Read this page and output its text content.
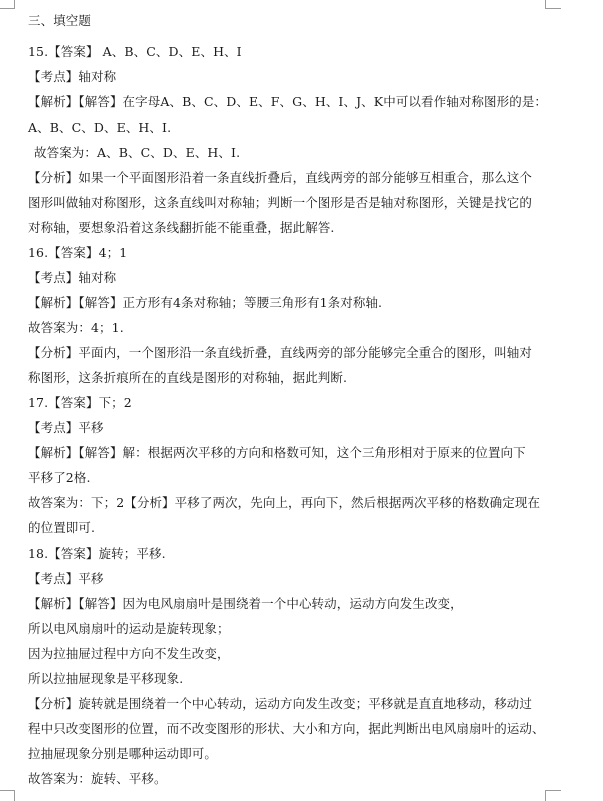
三、填空题
15.【答案】 A、B、C、D、E、H、I
【考点】轴对称
【解析】【解答】在字母A、B、C、D、E、F、G、H、I、J、K中可以看作轴对称图形的是：
A、B、C、D、E、H、I.
故答案为：A、B、C、D、E、H、I.
【分析】如果一个平面图形沿着一条直线折叠后，直线两旁的部分能够互相重合，那么这个
图形叫做轴对称图形，这条直线叫对称轴；判断一个图形是否是轴对称图形，关键是找它的
对称轴，要想象沿着这条线翻折能不能重叠，据此解答.
16.【答案】4；1
【考点】轴对称
【解析】【解答】正方形有4条对称轴；等腰三角形有1条对称轴.
故答案为：4；1.
【分析】平面内，一个图形沿一条直线折叠，直线两旁的部分能够完全重合的图形，叫轴对
称图形，这条折痕所在的直线是图形的对称轴，据此判断.
17.【答案】下；2
【考点】平移
【解析】【解答】解：根据两次平移的方向和格数可知，这个三角形相对于原来的位置向下
平移了2格.
故答案为：下；2【分析】平移了两次，先向上，再向下，然后根据两次平移的格数确定现在
的位置即可.
18.【答案】旋转；平移.
【考点】平移
【解析】【解答】因为电风扇扇叶是围绕着一个中心转动，运动方向发生改变，
所以电风扇扇叶的运动是旋转现象；
因为拉抽屉过程中方向不发生改变，
所以拉抽屉现象是平移现象.
【分析】旋转就是围绕着一个中心转动，运动方向发生改变；平移就是直直地移动，移动过
程中只改变图形的位置，而不改变图形的形状、大小和方向，据此判断出电风扇扇叶的运动、
拉抽屉现象分别是哪种运动即可。
故答案为：旋转、平移。
